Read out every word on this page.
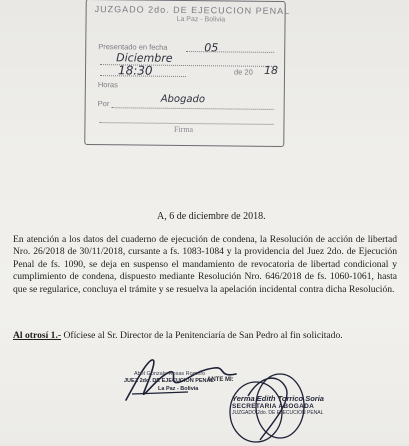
JUZGADO 2do. DE EJECUCION PENAL
La Paz - Bolivia
Presentado en fecha	05
Diciembre
18:30	de 20 18
Horas
Por	Abogado
Firma
A, 6 de diciembre de 2018.
En atención a los datos del cuaderno de ejecución de condena, la Resolución de acción de libertad Nro. 26/2018 de 30/11/2018, cursante a fs. 1083-1084 y la providencia del Juez 2do. de Ejecución Penal de fs. 1090, se deja en suspenso el mandamiento de revocatoria de libertad condicional y cumplimiento de condena, dispuesto mediante Resolución Nro. 646/2018 de fs. 1060-1061, hasta que se regularice, concluya el trámite y se resuelva la apelación incidental contra dicha Resolución.
Al otrosí 1.- Ofíciese al Sr. Director de la Penitenciaría de San Pedro al fin solicitado.
Abel Gonzalo Rosas Romero
JUEZ 2do. DE EJECUCION PENAL
La Paz - Bolivia
ANTE MI:
Yerma Edith Torrico Soria
SECRETARIA ABOGADA
JUZGADO 2do. DE EJECUCION PENAL
